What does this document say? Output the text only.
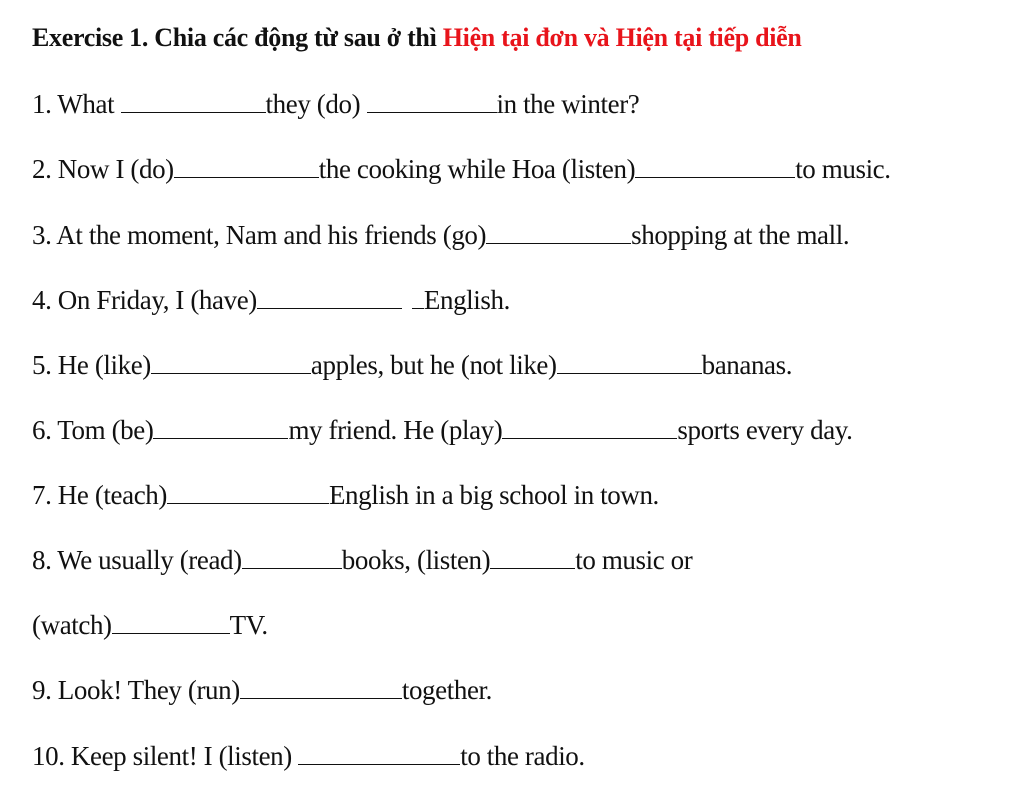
Exercise 1. Chia các động từ sau ở thì Hiện tại đơn và Hiện tại tiếp diễn
1. What	they (do)	in the winter?
2. Now I (do)	the cooking while Hoa (listen)	to music.
3. At the moment, Nam and his friends (go)	shopping at the mall.
4. On Friday, I (have)	English.
5. He (like)	apples, but he (not like)	bananas.
6. Tom (be)	my friend. He (play)	sports every day.
7. He (teach)	English in a big school in town.
8. We usually (read)	books, (listen)	to music or
(watch)	TV.
9. Look! They (run)	together.
10. Keep silent! I (listen)	to the radio.
